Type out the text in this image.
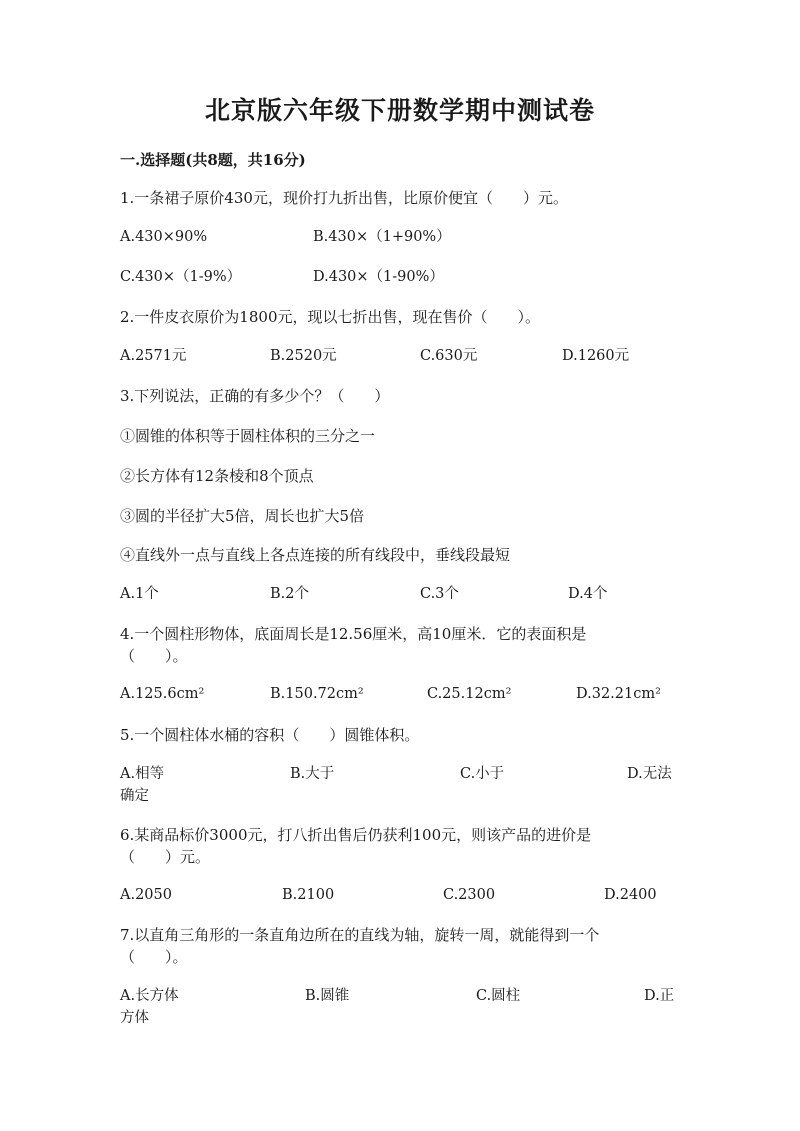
北京版六年级下册数学期中测试卷
一.选择题(共8题，共16分)
1.一条裙子原价430元，现价打九折出售，比原价便宜（　　）元。
A.430×90%	B.430×（1+90%）
C.430×（1-9%）	D.430×（1-90%）
2.一件皮衣原价为1800元，现以七折出售，现在售价（　　）。
A.2571元	B.2520元	C.630元	D.1260元
3.下列说法，正确的有多少个？（　　）
①圆锥的体积等于圆柱体积的三分之一
②长方体有12条棱和8个顶点
③圆的半径扩大5倍，周长也扩大5倍
④直线外一点与直线上各点连接的所有线段中，垂线段最短
A.1个	B.2个	C.3个	D.4个
4.一个圆柱形物体，底面周长是12.56厘米，高10厘米．它的表面积是
（　　）。
A.125.6cm²	B.150.72cm²	C.25.12cm²	D.32.21cm²
5.一个圆柱体水桶的容积（　　）圆锥体积。
A.相等	B.大于	C.小于	D.无法
确定
6.某商品标价3000元，打八折出售后仍获利100元，则该产品的进价是
（　　）元。
A.2050	B.2100	C.2300	D.2400
7.以直角三角形的一条直角边所在的直线为轴，旋转一周，就能得到一个
（　　）。
A.长方体	B.圆锥	C.圆柱	D.正
方体
